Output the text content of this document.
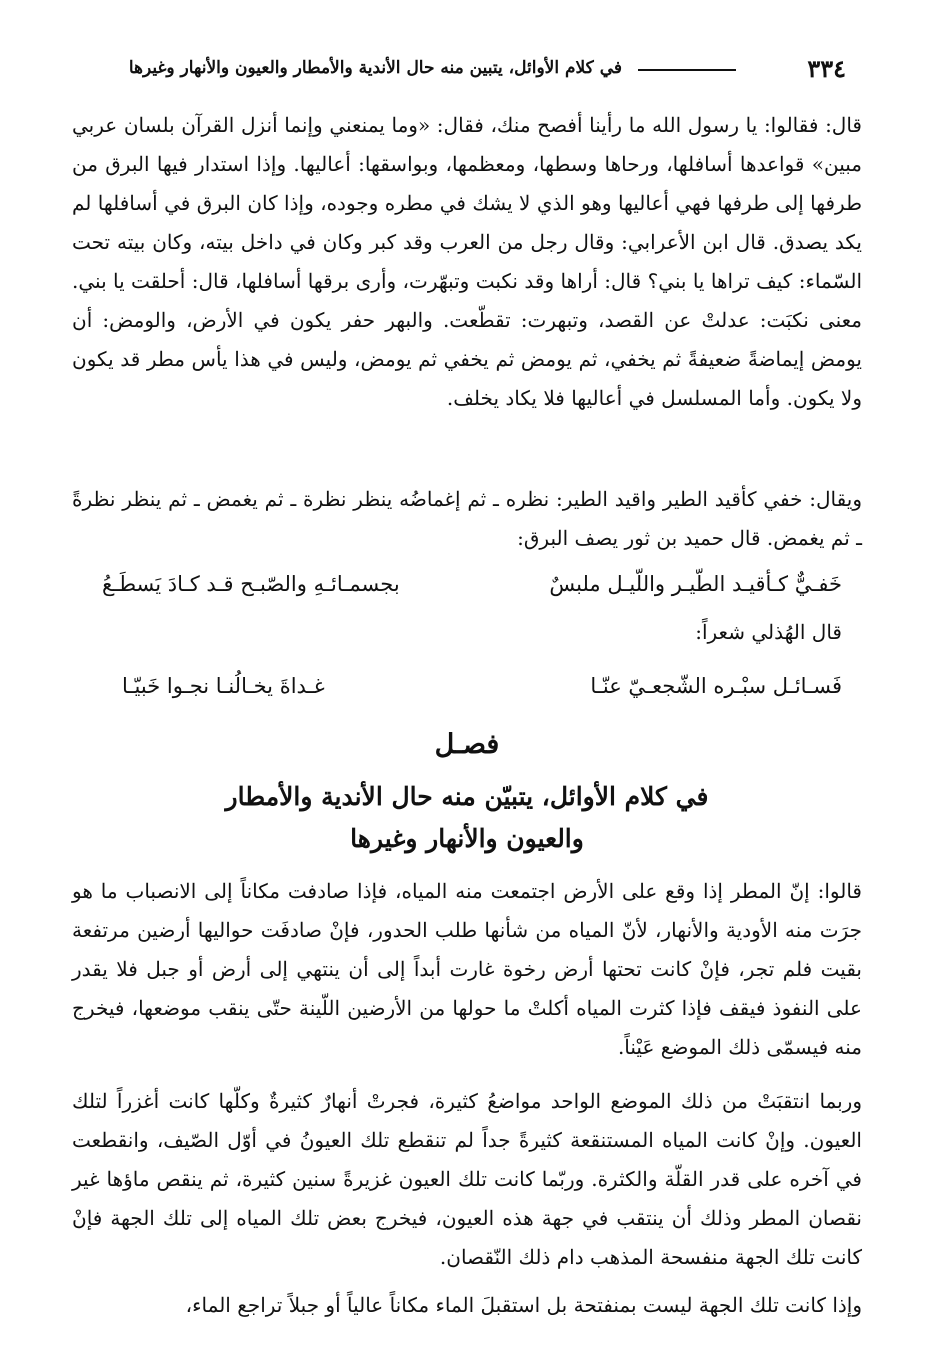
٣٣٤
في كلام الأوائل، يتبين منه حال الأندية والأمطار والعيون والأنهار وغيرها
قال: فقالوا: يا رسول الله ما رأينا أفصح منك، فقال: «وما يمنعني وإنما أنزل القرآن بلسان عربي مبين» قواعدها أسافلها، ورحاها وسطها، ومعظمها، وبواسقها: أعاليها. وإذا استدار فيها البرق من طرفها إلى طرفها فهي أعاليها وهو الذي لا يشك في مطره وجوده، وإذا كان البرق في أسافلها لم يكد يصدق. قال ابن الأعرابي: وقال رجل من العرب وقد كبر وكان في داخل بيته، وكان بيته تحت السّماء: كيف تراها يا بني؟ قال: أراها وقد نكبت وتبهّرت، وأرى برقها أسافلها، قال: أحلقت يا بني. معنى نكبَت: عدلتْ عن القصد، وتبهرت: تقطّعت. والبهر حفر يكون في الأرض، والومض: أن يومض إيماضةً ضعيفةً ثم يخفي، ثم يومض ثم يخفي ثم يومض، وليس في هذا يأس مطر قد يكون ولا يكون. وأما المسلسل في أعاليها فلا يكاد يخلف.
ويقال: خفي كأقيد الطير واقيد الطير: نظره ـ ثم إغماضُه ينظر نظرة ـ ثم يغمض ـ ثم ينظر نظرةً ـ ثم يغمض. قال حميد بن ثور يصف البرق:
خَفـيٌّ كـأقيـد الطّيـر واللّيـل ملبسٌ
بجسمـائـهِ والصّبـح قـد كـادَ يَسطَـعُ
قال الهُذلي شعراً:
فَسـائـل سبْـره الشّجعـيّ عنّـا
غـداةَ يخـالُنـا نجـوا خَبيّـا
فصـل
في كلام الأوائل، يتبيّن منه حال الأندية والأمطار
والعيون والأنهار وغيرها
قالوا: إنّ المطر إذا وقع على الأرض اجتمعت منه المياه، فإذا صادفت مكاناً إلى الانصباب ما هو جرَت منه الأودية والأنهار، لأنّ المياه من شأنها طلب الحدور، فإنْ صادفَت حواليها أرضين مرتفعة بقيت فلم تجر، فإنْ كانت تحتها أرض رخوة غارت أبداً إلى أن ينتهي إلى أرض أو جبل فلا يقدر على النفوذ فيقف فإذا كثرت المياه أكلتْ ما حولها من الأرضين اللّينة حتّى ينقب موضعها، فيخرج منه فيسمّى ذلك الموضع عَيْناً.
وربما انتقبَتْ من ذلك الموضع الواحد مواضعُ كثيرة، فجرتْ أنهارٌ كثيرةٌ وكلّها كانت أغزراً لتلك العيون. وإنْ كانت المياه المستنقعة كثيرةً جداً لم تنقطع تلك العيونُ في أوّل الصّيف، وانقطعت في آخره على قدر القلّة والكثرة. وربّما كانت تلك العيون غزيرةً سنين كثيرة، ثم ينقص ماؤها غير نقصان المطر وذلك أن ينتقب في جهة هذه العيون، فيخرج بعض تلك المياه إلى تلك الجهة فإنْ كانت تلك الجهة منفسحة المذهب دام ذلك النّقصان.
وإذا كانت تلك الجهة ليست بمنفتحة بل استقبلَ الماء مكاناً عالياً أو جبلاً تراجع الماء،
